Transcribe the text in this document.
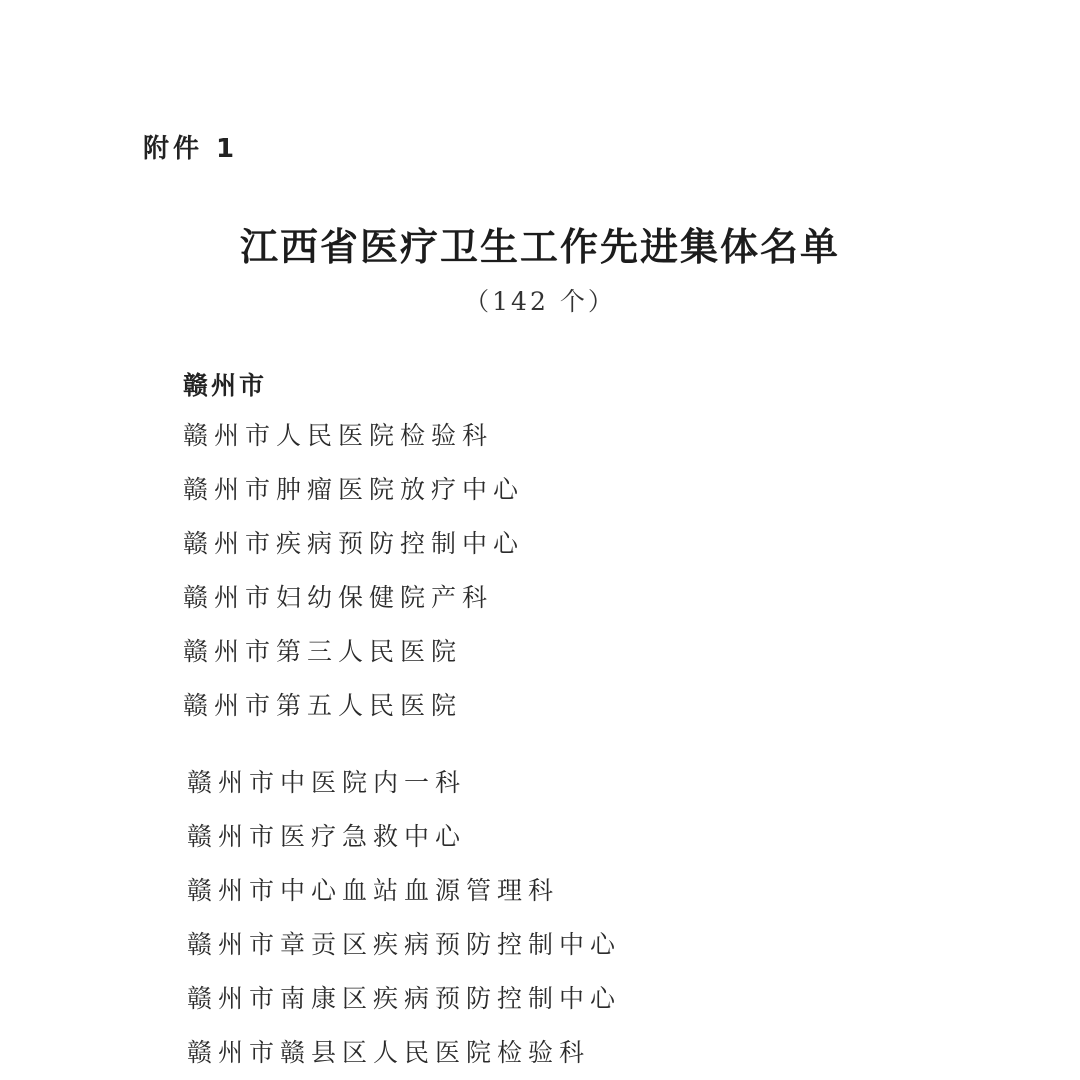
附件 1
江西省医疗卫生工作先进集体名单
（142 个）
赣州市
赣州市人民医院检验科
赣州市肿瘤医院放疗中心
赣州市疾病预防控制中心
赣州市妇幼保健院产科
赣州市第三人民医院
赣州市第五人民医院
赣州市中医院内一科
赣州市医疗急救中心
赣州市中心血站血源管理科
赣州市章贡区疾病预防控制中心
赣州市南康区疾病预防控制中心
赣州市赣县区人民医院检验科
